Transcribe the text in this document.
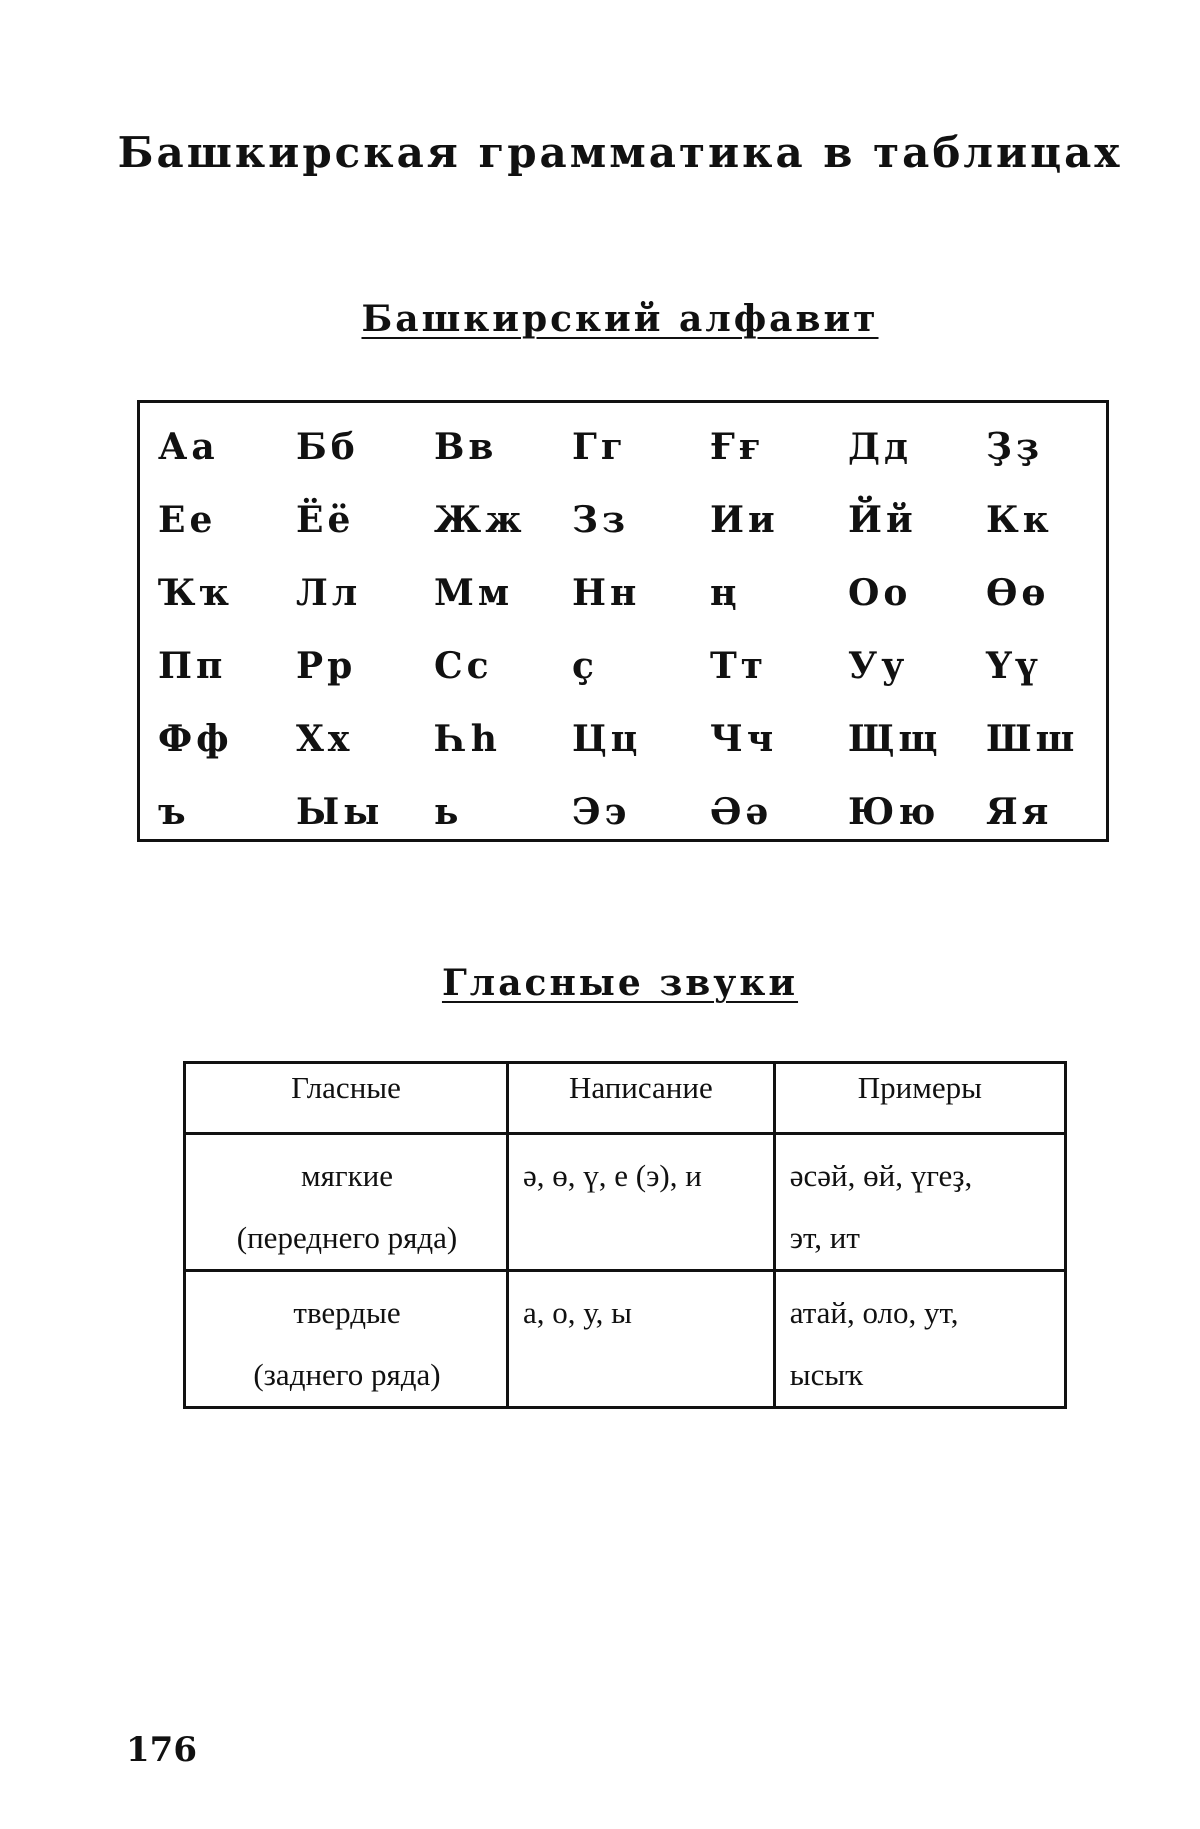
Башкирская грамматика в таблицах
Башкирский алфавит
Аа	Бб	Вв	Гг	Ғғ	Дд	Ҙҙ
Ее	Ёё	Жж	Зз	Ии	Йй	Кк
Ҡҡ	Лл	Мм	Нн	ң	Оо	Өө
Пп	Рр	Сс	ç	Тт	Уу	Үү
Фф	Хх	Һһ	Цц	Чч	Щщ	Шш
ъ	Ыы	ь	Ээ	Әә	Юю	Яя
Гласные звуки
Гласные	Написание	Примеры

мягкие
(переднего ряда)	ә, ө, ү, е (э), и	әсәй, өй, үгеҙ,
эт, ит

твердые
(заднего ряда)	а, о, у, ы	атай, оло, ут,
ысыҡ
176
